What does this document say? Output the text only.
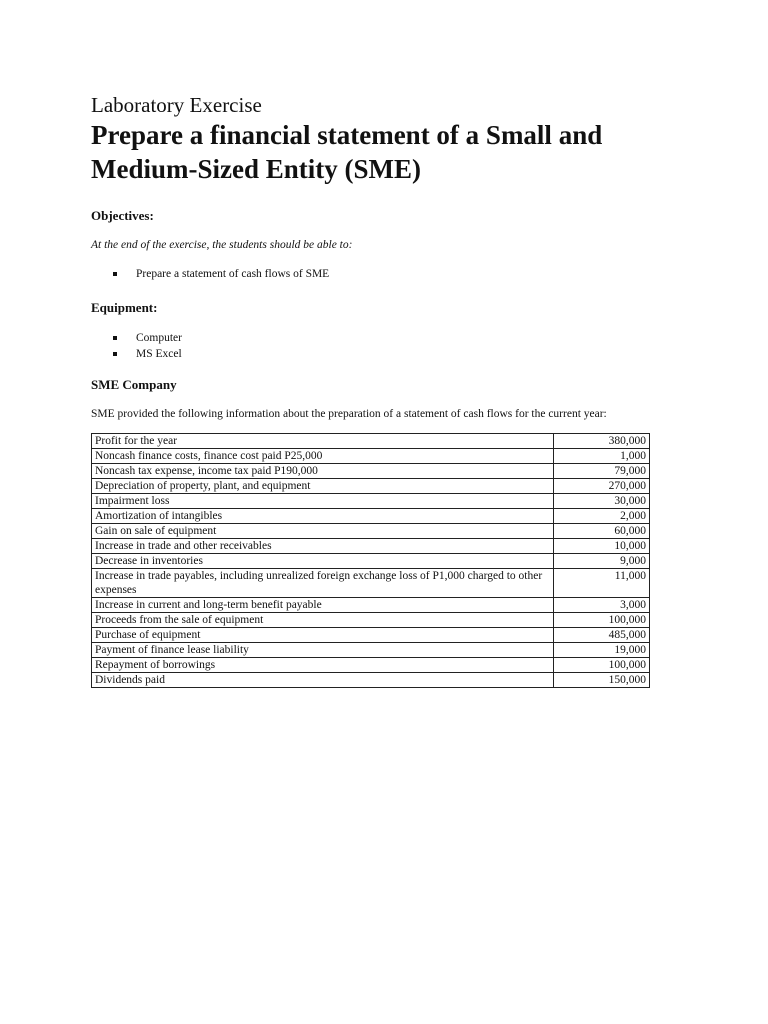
Laboratory Exercise

Prepare a financial statement of a Small and Medium-Sized Entity (SME)
Objectives:

At the end of the exercise, the students should be able to:

Prepare a statement of cash flows of SME
Equipment:
Computer
MS Excel
SME Company

SME provided the following information about the preparation of a statement of cash flows for the current year:

Profit for the year	380,000
Noncash finance costs, finance cost paid P25,000	1,000
Noncash tax expense, income tax paid P190,000	79,000
Depreciation of property, plant, and equipment	270,000
Impairment loss	30,000
Amortization of intangibles	2,000
Gain on sale of equipment	60,000
Increase in trade and other receivables	10,000
Decrease in inventories	9,000
Increase in trade payables, including unrealized foreign exchange loss of P1,000 charged to other expenses	11,000
Increase in current and long-term benefit payable	3,000
Proceeds from the sale of equipment	100,000
Purchase of equipment	485,000
Payment of finance lease liability	19,000
Repayment of borrowings	100,000
Dividends paid	150,000
